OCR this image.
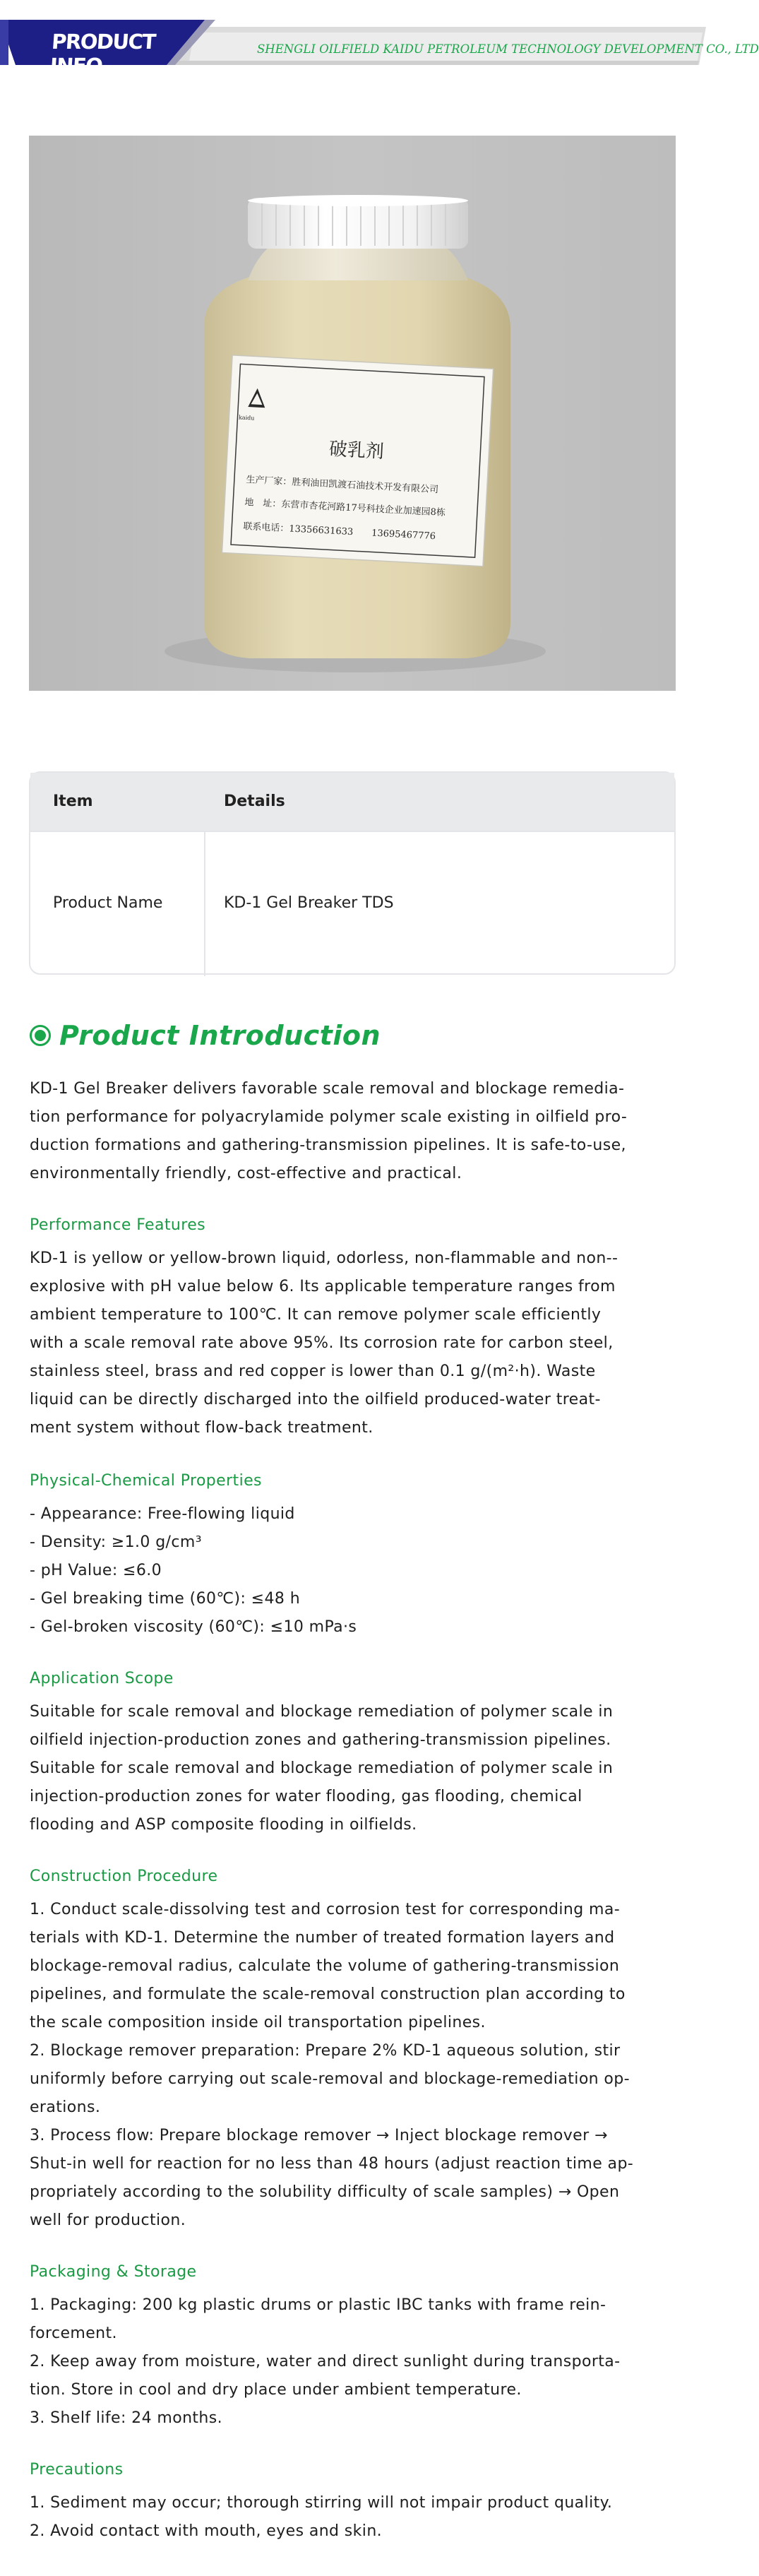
PRODUCT INFO
SHENGLI OILFIELD KAIDU PETROLEUM TECHNOLOGY DEVELOPMENT CO., LTD
kaidu
破乳剂
生产厂家：胜利油田凯渡石油技术开发有限公司
地　址：东营市杏花河路17号科技企业加速园8栋
联系电话：13356631633　　13695467776
Item	Details
Product Name	KD-1 Gel Breaker TDS
Product Introduction

KD-1 Gel Breaker delivers favorable scale removal and blockage remedia-
tion performance for polyacrylamide polymer scale existing in oilfield pro-
duction formations and gathering-transmission pipelines. It is safe-to-use,
environmentally friendly, cost-effective and practical.

Performance Features

KD-1 is yellow or yellow-brown liquid, odorless, non-flammable and non--
explosive with pH value below 6. Its applicable temperature ranges from
ambient temperature to 100℃. It can remove polymer scale efficiently
with a scale removal rate above 95%. Its corrosion rate for carbon steel,
stainless steel, brass and red copper is lower than 0.1 g/(m²·h). Waste
liquid can be directly discharged into the oilfield produced-water treat-
ment system without flow-back treatment.

Physical-Chemical Properties

- Appearance: Free-flowing liquid
- Density: ≥1.0 g/cm³
- pH Value: ≤6.0
- Gel breaking time (60℃): ≤48 h
- Gel-broken viscosity (60℃): ≤10 mPa·s

Application Scope

Suitable for scale removal and blockage remediation of polymer scale in
oilfield injection-production zones and gathering-transmission pipelines.
Suitable for scale removal and blockage remediation of polymer scale in
injection-production zones for water flooding, gas flooding, chemical
flooding and ASP composite flooding in oilfields.

Construction Procedure

1. Conduct scale-dissolving test and corrosion test for corresponding ma-
terials with KD-1. Determine the number of treated formation layers and
blockage-removal radius, calculate the volume of gathering-transmission
pipelines, and formulate the scale-removal construction plan according to
the scale composition inside oil transportation pipelines.
2. Blockage remover preparation: Prepare 2% KD-1 aqueous solution, stir
uniformly before carrying out scale-removal and blockage-remediation op-
erations.
3. Process flow: Prepare blockage remover → Inject blockage remover →
Shut-in well for reaction for no less than 48 hours (adjust reaction time ap-
propriately according to the solubility difficulty of scale samples) → Open
well for production.

Packaging & Storage

1. Packaging: 200 kg plastic drums or plastic IBC tanks with frame rein-
forcement.
2. Keep away from moisture, water and direct sunlight during transporta-
tion. Store in cool and dry place under ambient temperature.
3. Shelf life: 24 months.

Precautions

1. Sediment may occur; thorough stirring will not impair product quality.
2. Avoid contact with mouth, eyes and skin.
